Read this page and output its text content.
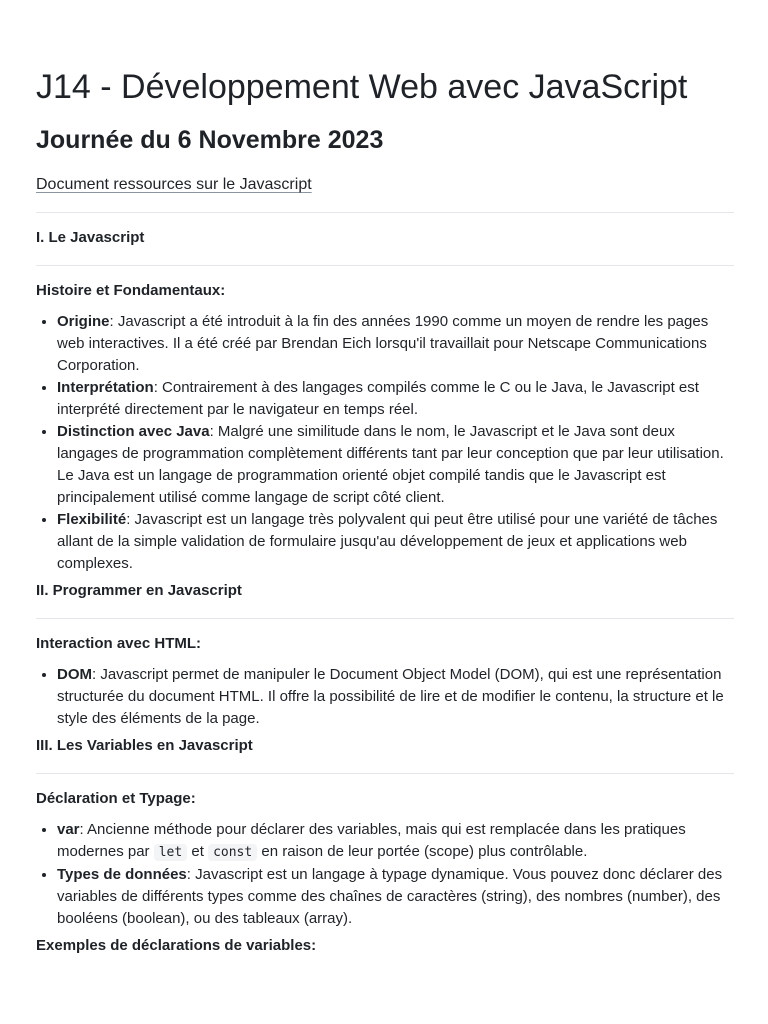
J14 - Développement Web avec JavaScript
Journée du 6 Novembre 2023
Document ressources sur le Javascript

I. Le Javascript

Histoire et Fondamentaux:

• Origine: Javascript a été introduit à la fin des années 1990 comme un moyen de rendre les pages web interactives. Il a été créé par Brendan Eich lorsqu'il travaillait pour Netscape Communications Corporation.
• Interprétation: Contrairement à des langages compilés comme le C ou le Java, le Javascript est interprété directement par le navigateur en temps réel.
• Distinction avec Java: Malgré une similitude dans le nom, le Javascript et le Java sont deux langages de programmation complètement différents tant par leur conception que par leur utilisation. Le Java est un langage de programmation orienté objet compilé tandis que le Javascript est principalement utilisé comme langage de script côté client.
• Flexibilité: Javascript est un langage très polyvalent qui peut être utilisé pour une variété de tâches allant de la simple validation de formulaire jusqu'au développement de jeux et applications web complexes.

II. Programmer en Javascript

Interaction avec HTML:

• DOM: Javascript permet de manipuler le Document Object Model (DOM), qui est une représentation structurée du document HTML. Il offre la possibilité de lire et de modifier le contenu, la structure et le style des éléments de la page.

III. Les Variables en Javascript

Déclaration et Typage:

• var: Ancienne méthode pour déclarer des variables, mais qui est remplacée dans les pratiques modernes par let et const en raison de leur portée (scope) plus contrôlable.
• Types de données: Javascript est un langage à typage dynamique. Vous pouvez donc déclarer des variables de différents types comme des chaînes de caractères (string), des nombres (number), des booléens (boolean), ou des tableaux (array).

Exemples de déclarations de variables:
